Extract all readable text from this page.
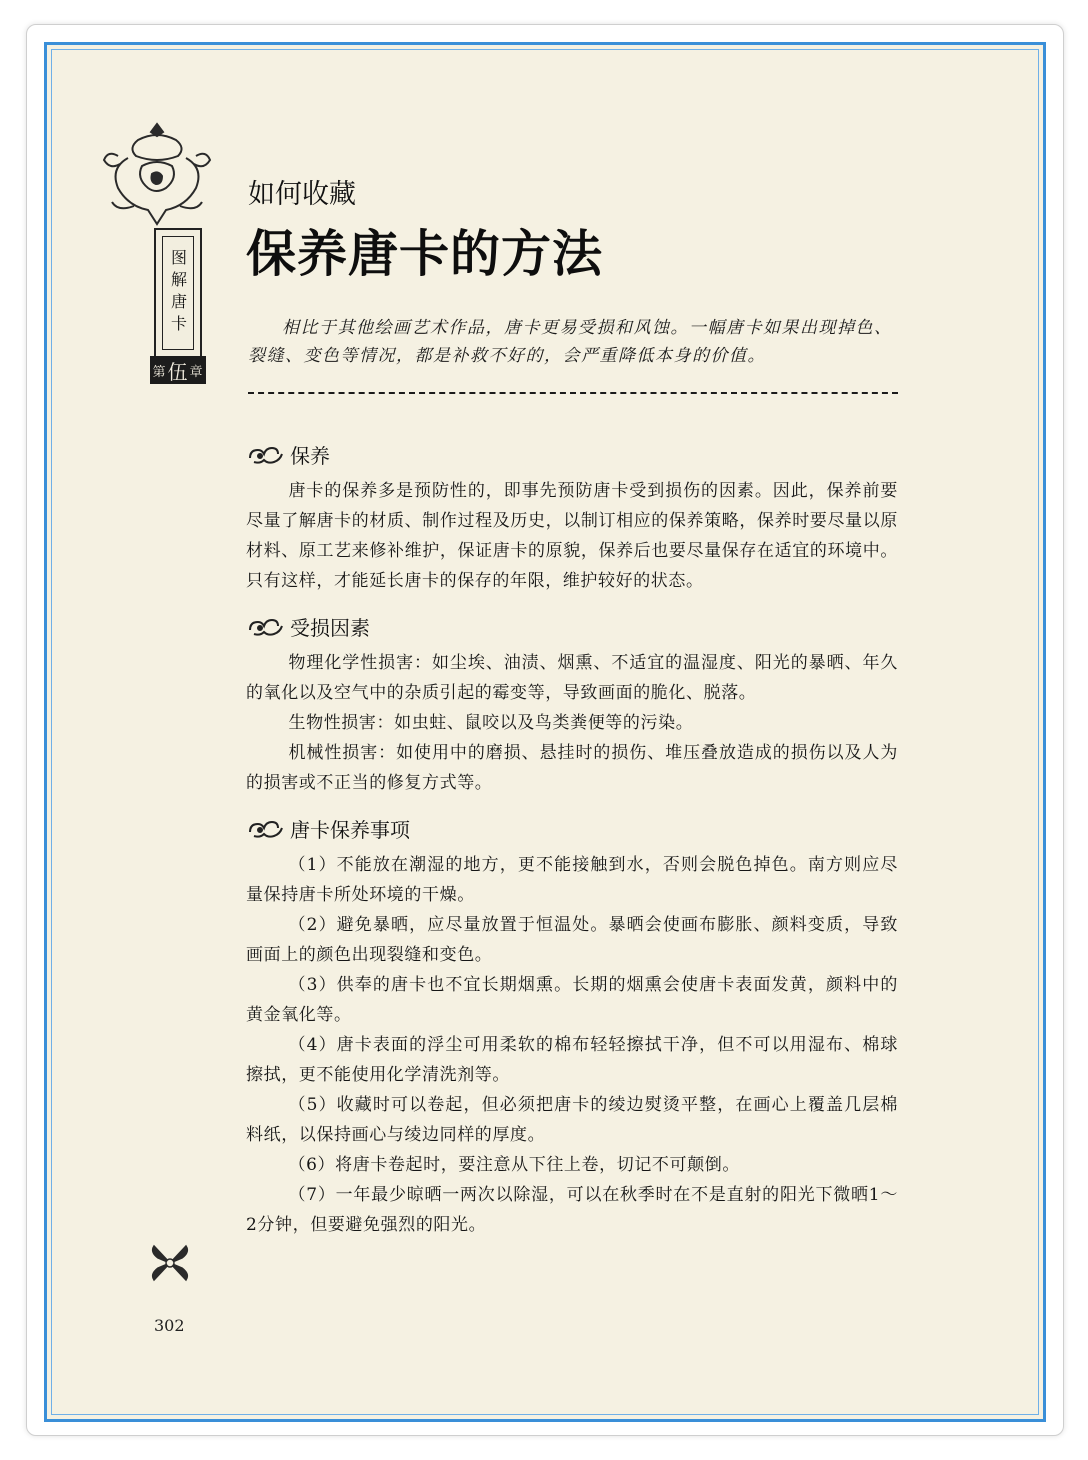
图解唐卡
第 伍 章
如何收藏
保养唐卡的方法

相比于其他绘画艺术作品，唐卡更易受损和风蚀。一幅唐卡如果出现掉色、裂缝、变色等情况，都是补救不好的，会严重降低本身的价值。

保养

唐卡的保养多是预防性的，即事先预防唐卡受到损伤的因素。因此，保养前要尽量了解唐卡的材质、制作过程及历史，以制订相应的保养策略，保养时要尽量以原材料、原工艺来修补维护，保证唐卡的原貌，保养后也要尽量保存在适宜的环境中。只有这样，才能延长唐卡的保存的年限，维护较好的状态。

受损因素

物理化学性损害：如尘埃、油渍、烟熏、不适宜的温湿度、阳光的暴晒、年久的氧化以及空气中的杂质引起的霉变等，导致画面的脆化、脱落。

生物性损害：如虫蛀、鼠咬以及鸟类粪便等的污染。

机械性损害：如使用中的磨损、悬挂时的损伤、堆压叠放造成的损伤以及人为的损害或不正当的修复方式等。

唐卡保养事项

（1）不能放在潮湿的地方，更不能接触到水，否则会脱色掉色。南方则应尽量保持唐卡所处环境的干燥。

（2）避免暴晒，应尽量放置于恒温处。暴晒会使画布膨胀、颜料变质，导致画面上的颜色出现裂缝和变色。

（3）供奉的唐卡也不宜长期烟熏。长期的烟熏会使唐卡表面发黄，颜料中的黄金氧化等。

（4）唐卡表面的浮尘可用柔软的棉布轻轻擦拭干净，但不可以用湿布、棉球擦拭，更不能使用化学清洗剂等。

（5）收藏时可以卷起，但必须把唐卡的绫边熨烫平整，在画心上覆盖几层棉料纸，以保持画心与绫边同样的厚度。

（6）将唐卡卷起时，要注意从下往上卷，切记不可颠倒。

（7）一年最少晾晒一两次以除湿，可以在秋季时在不是直射的阳光下微晒1～2分钟，但要避免强烈的阳光。

302
